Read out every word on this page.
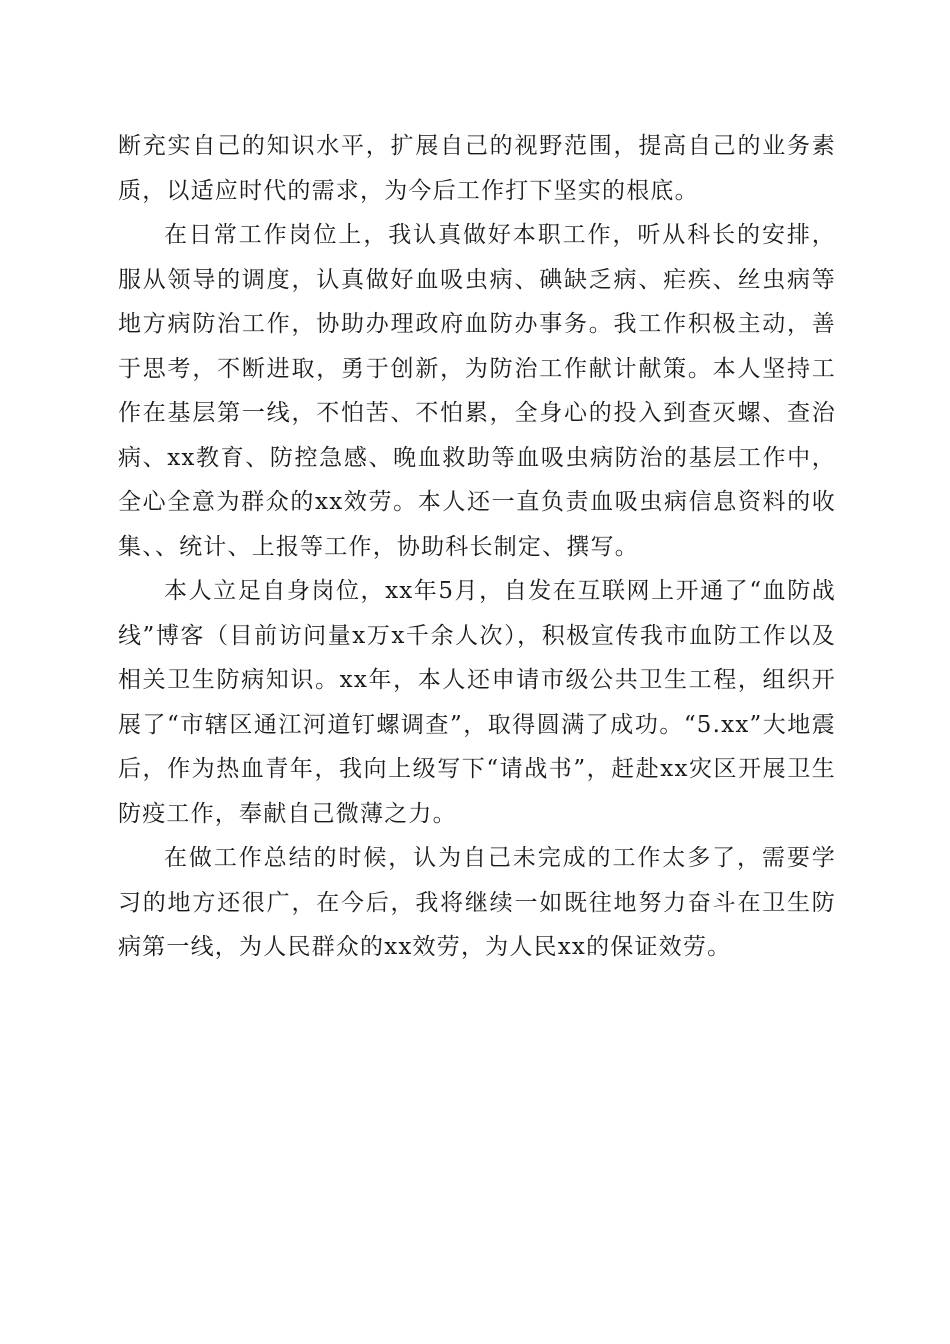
断充实自己的知识水平，扩展自己的视野范围，提高自己的业务素质，以适应时代的需求，为今后工作打下坚实的根底。

在日常工作岗位上，我认真做好本职工作，听从科长的安排，服从领导的调度，认真做好血吸虫病、碘缺乏病、疟疾、丝虫病等地方病防治工作，协助办理政府血防办事务。我工作积极主动，善于思考，不断进取，勇于创新，为防治工作献计献策。本人坚持工作在基层第一线，不怕苦、不怕累，全身心的投入到查灭螺、查治病、xx教育、防控急感、晚血救助等血吸虫病防治的基层工作中，全心全意为群众的xx效劳。本人还一直负责血吸虫病信息资料的收集、、统计、上报等工作，协助科长制定、撰写。

本人立足自身岗位，xx年5月，自发在互联网上开通了“血防战线”博客（目前访问量x万x千余人次），积极宣传我市血防工作以及相关卫生防病知识。xx年，本人还申请市级公共卫生工程，组织开展了“市辖区通江河道钉螺调查”，取得圆满了成功。“5.xx”大地震后，作为热血青年，我向上级写下“请战书”，赶赴xx灾区开展卫生防疫工作，奉献自己微薄之力。

在做工作总结的时候，认为自己未完成的工作太多了，需要学习的地方还很广，在今后，我将继续一如既往地努力奋斗在卫生防病第一线，为人民群众的xx效劳，为人民xx的保证效劳。
